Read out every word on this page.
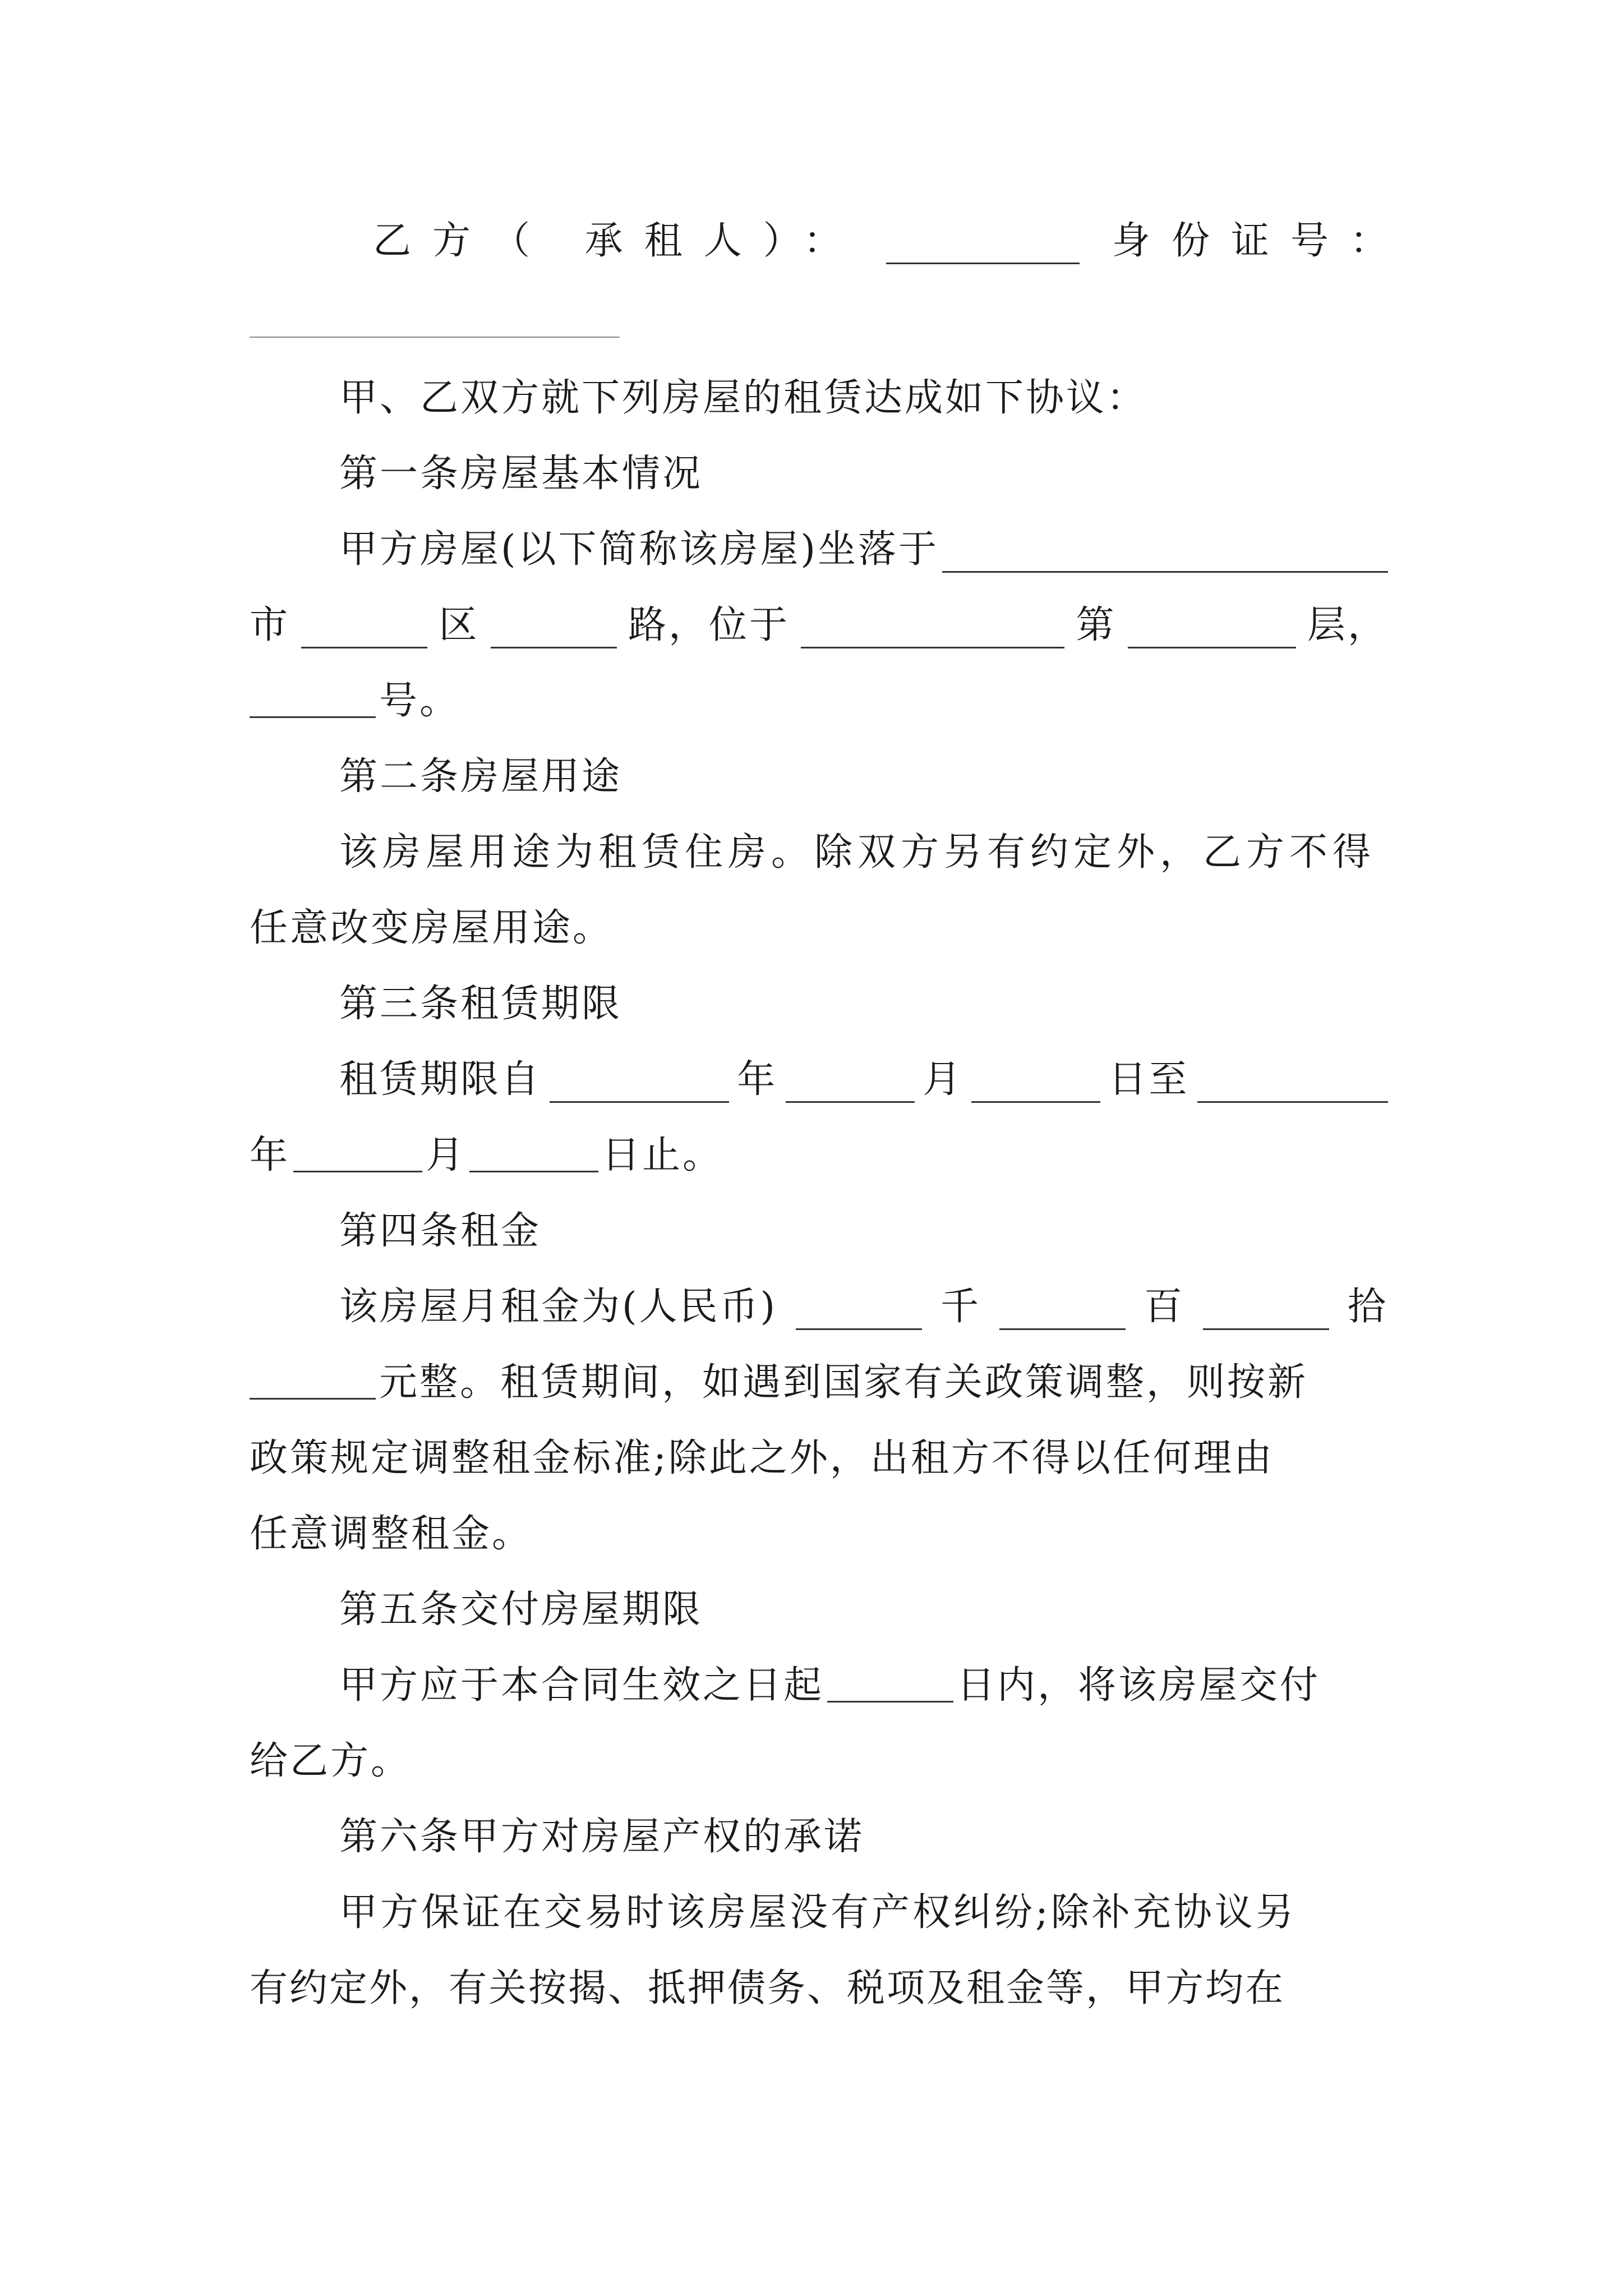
乙方（ 承租人）：	身份证号：
甲、乙双方就下列房屋的租赁达成如下协议：
第一条房屋基本情况
甲方房屋(以下简称该房屋)坐落于
市	区	路，位于	第	层，
号。
第二条房屋用途
该房屋用途为租赁住房。除双方另有约定外，乙方不得
任意改变房屋用途。
第三条租赁期限
租赁期限自	年	月	日至
年	月	日止。
第四条租金
该房屋月租金为(人民币)	千	百	拾
元整。租赁期间，如遇到国家有关政策调整，则按新
政策规定调整租金标准;除此之外，出租方不得以任何理由
任意调整租金。
第五条交付房屋期限
甲方应于本合同生效之日起	日内，将该房屋交付
给乙方。
第六条甲方对房屋产权的承诺
甲方保证在交易时该房屋没有产权纠纷;除补充协议另
有约定外，有关按揭、抵押债务、税项及租金等，甲方均在
